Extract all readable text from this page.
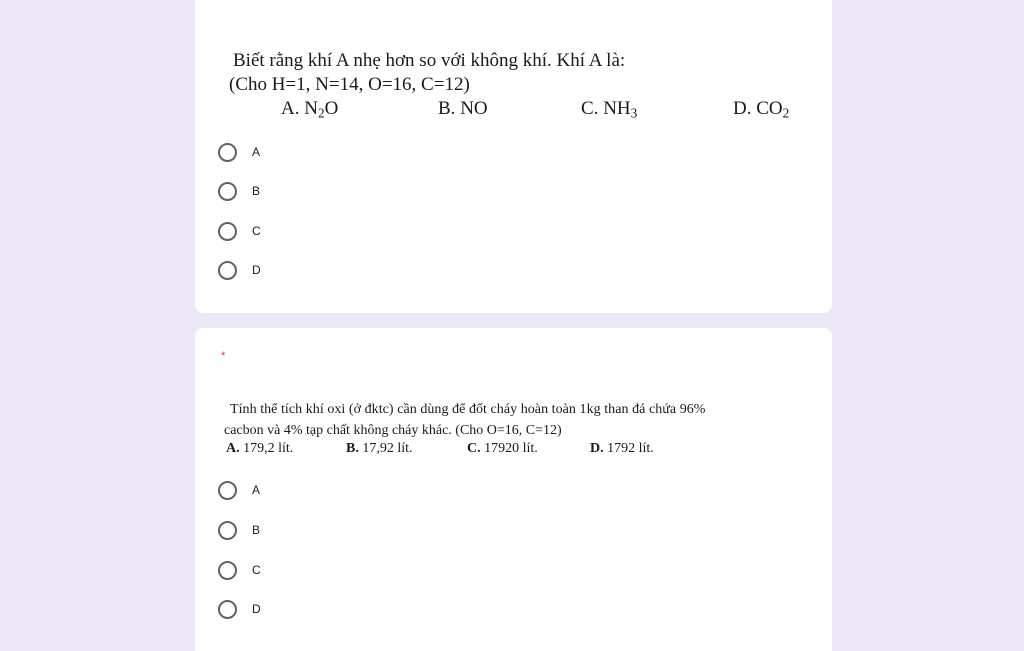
Biết rằng khí A nhẹ hơn so với không khí. Khí A là:
(Cho H=1, N=14, O=16, C=12)
A. $N_2O$	B. NO	C. $NH_3$	D. $CO_2$
A
B
C
D
*
Tính thể tích khí oxi (ở đktc) cần dùng để đốt cháy hoàn toàn 1kg than đá chứa 96%
cacbon và 4% tạp chất không cháy khác. (Cho O=16, C=12)
A. 179,2 lít.	B. 17,92 lít.	C. 17920 lít.	D. 1792 lít.
A
B
C
D
